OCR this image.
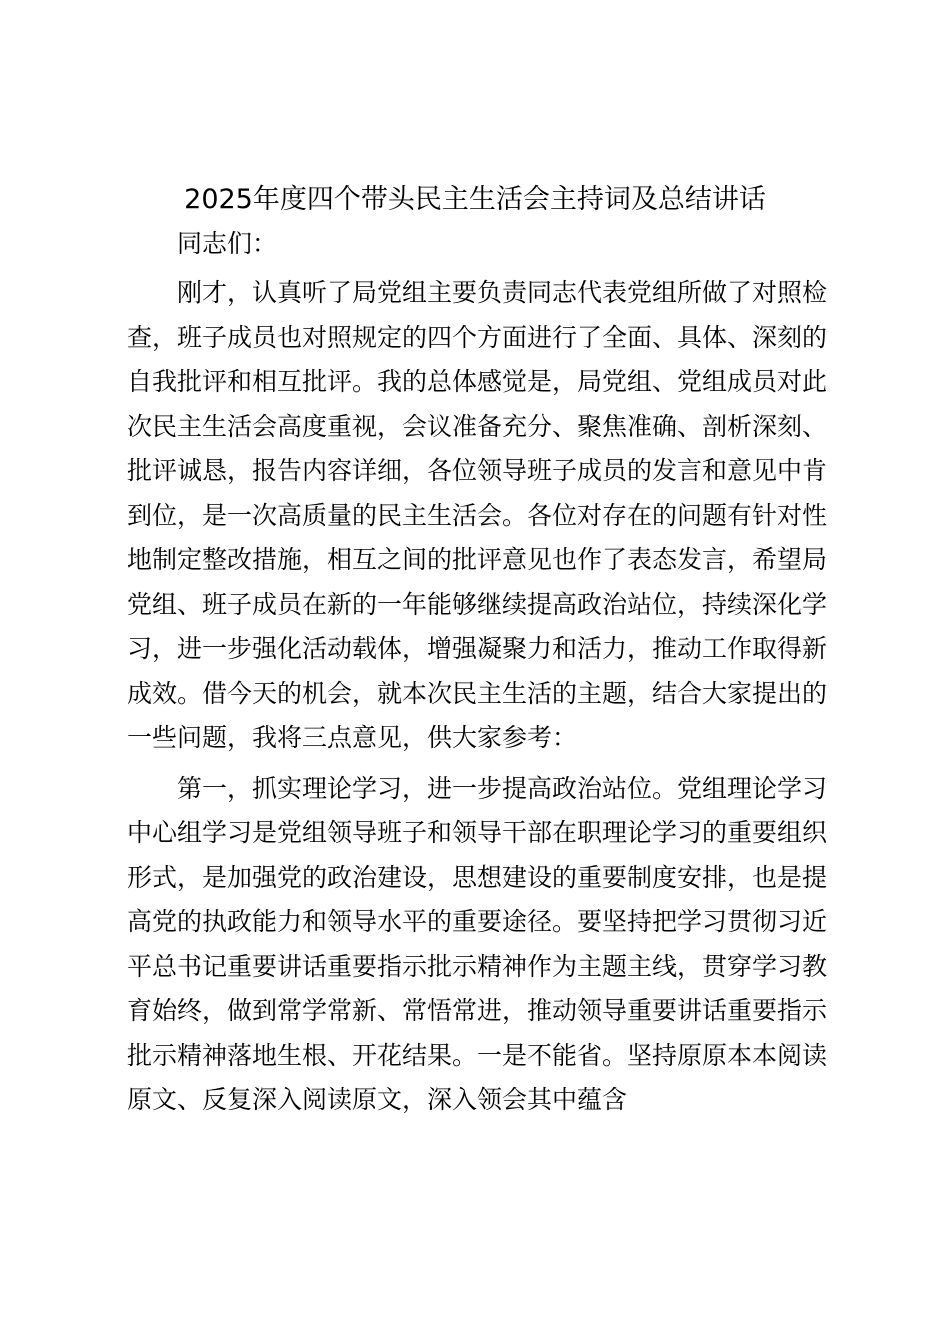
2025年度四个带头民主生活会主持词及总结讲话

同志们：

刚才，认真听了局党组主要负责同志代表党组所做了对照检查，班子成员也对照规定的四个方面进行了全面、具体、深刻的自我批评和相互批评。我的总体感觉是，局党组、党组成员对此次民主生活会高度重视，会议准备充分、聚焦准确、剖析深刻、批评诚恳，报告内容详细，各位领导班子成员的发言和意见中肯到位，是一次高质量的民主生活会。各位对存在的问题有针对性地制定整改措施，相互之间的批评意见也作了表态发言，希望局党组、班子成员在新的一年能够继续提高政治站位，持续深化学习，进一步强化活动载体，增强凝聚力和活力，推动工作取得新成效。借今天的机会，就本次民主生活的主题，结合大家提出的一些问题，我将三点意见，供大家参考：

第一，抓实理论学习，进一步提高政治站位。党组理论学习中心组学习是党组领导班子和领导干部在职理论学习的重要组织形式，是加强党的政治建设，思想建设的重要制度安排，也是提高党的执政能力和领导水平的重要途径。要坚持把学习贯彻习近平总书记重要讲话重要指示批示精神作为主题主线，贯穿学习教育始终，做到常学常新、常悟常进，推动领导重要讲话重要指示批示精神落地生根、开花结果。一是不能省。坚持原原本本阅读原文、反复深入阅读原文，深入领会其中蕴含
